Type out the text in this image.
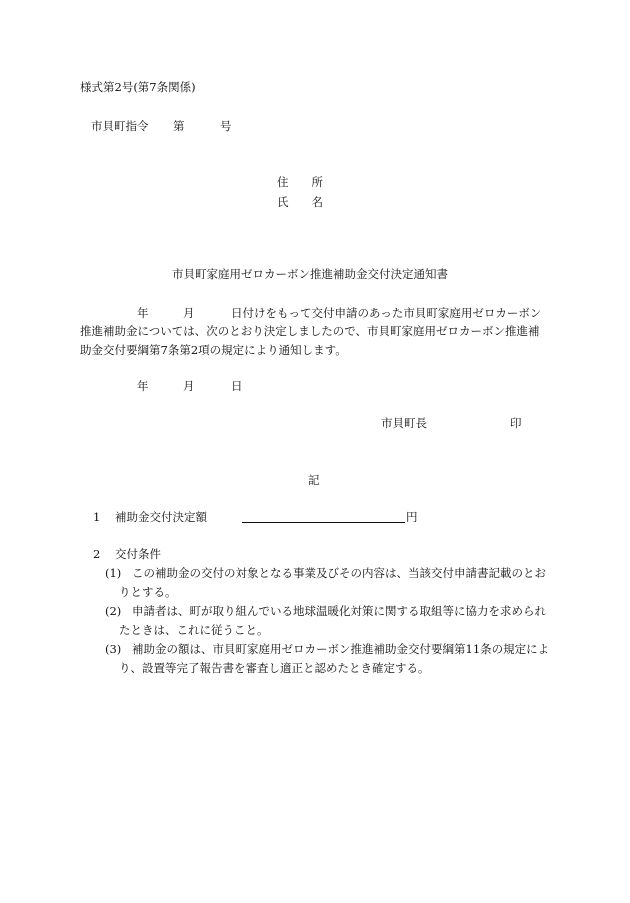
様式第2号(第7条関係)
市貝町指令 第	号
住　　所
氏　　名
市貝町家庭用ゼロカーボン推進補助金交付決定通知書
年	月	日付けをもって交付申請のあった市貝町家庭用ゼロカーボン
推進補助金については、次のとおり決定しましたので、市貝町家庭用ゼロカーボン推進補
助金交付要綱第7条第2項の規定により通知します。
年	月	日
市貝町長	印
記
1 補助金交付決定額	円
2 交付条件
(1) この補助金の交付の対象となる事業及びその内容は、当該交付申請書記載のとお
りとする。
(2) 申請者は、町が取り組んでいる地球温暖化対策に関する取組等に協力を求められ
たときは、これに従うこと。
(3) 補助金の額は、市貝町家庭用ゼロカーボン推進補助金交付要綱第11条の規定によ
り、設置等完了報告書を審査し適正と認めたとき確定する。
